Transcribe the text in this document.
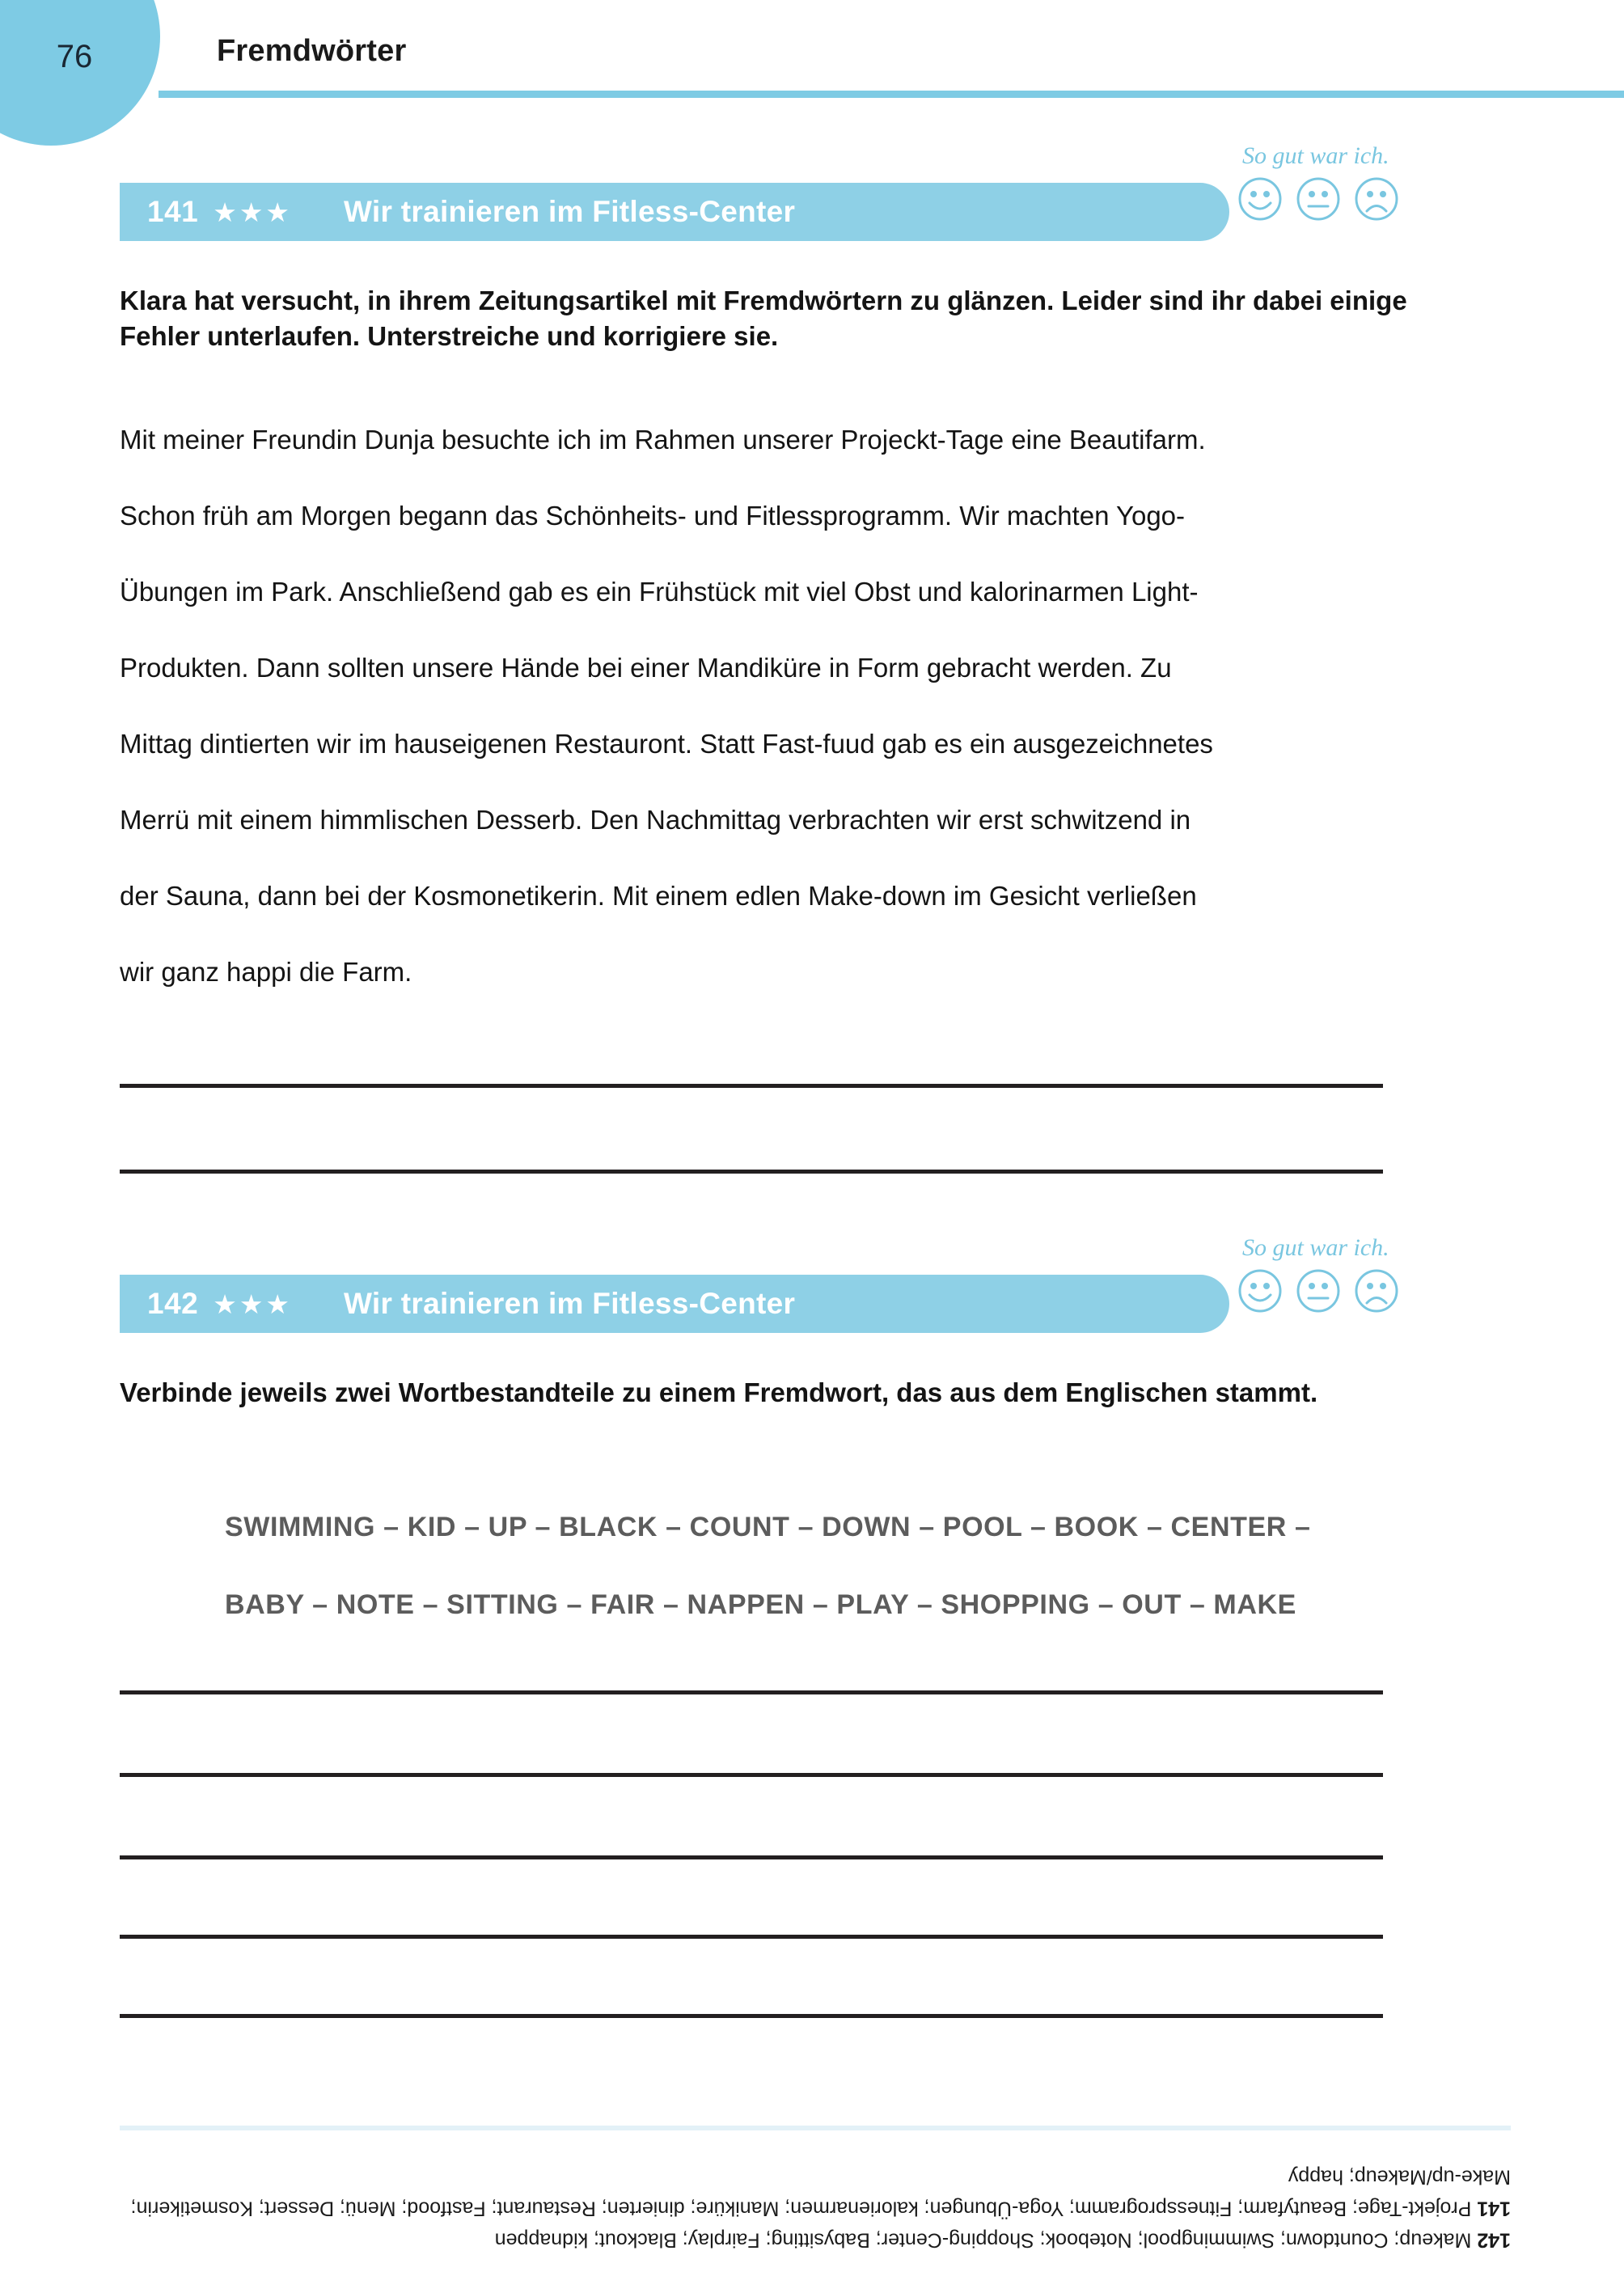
76	Fremdwörter
So gut war ich.
141 ★★★ Wir trainieren im Fitless-Center
Klara hat versucht, in ihrem Zeitungsartikel mit Fremdwörtern zu glänzen. Leider sind ihr dabei einige Fehler unterlaufen. Unterstreiche und korrigiere sie.
Mit meiner Freundin Dunja besuchte ich im Rahmen unserer Projeckt-Tage eine Beautifarm.
Schon früh am Morgen begann das Schönheits- und Fitlessprogramm. Wir machten Yogo-
Übungen im Park. Anschließend gab es ein Frühstück mit viel Obst und kalorinarmen Light-
Produkten. Dann sollten unsere Hände bei einer Mandiküre in Form gebracht werden. Zu
Mittag dintierten wir im hauseigenen Restauront. Statt Fast-fuud gab es ein ausgezeichnetes
Merrü mit einem himmlischen Desserb. Den Nachmittag verbrachten wir erst schwitzend in
der Sauna, dann bei der Kosmonetikerin. Mit einem edlen Make-down im Gesicht verließen
wir ganz happi die Farm.
So gut war ich.
142 ★★★ Wir trainieren im Fitless-Center
Verbinde jeweils zwei Wortbestandteile zu einem Fremdwort, das aus dem Englischen stammt.
SWIMMING – KID – UP – BLACK – COUNT – DOWN – POOL – BOOK – CENTER –
BABY – NOTE – SITTING – FAIR – NAPPEN – PLAY – SHOPPING – OUT – MAKE
142 Makeup; Countdown; Swimmingpool; Notebook; Shopping-Center; Babysitting; Fairplay; Blackout; kidnappen
141 Projekt-Tage; Beautyfarm; Fitnessprogramm; Yoga-Übungen; kalorienarmen; Maniküre; dinierten; Restaurant; Fastfood; Menü; Dessert; Kosmetikerin; Make-up/Makeup; happy
